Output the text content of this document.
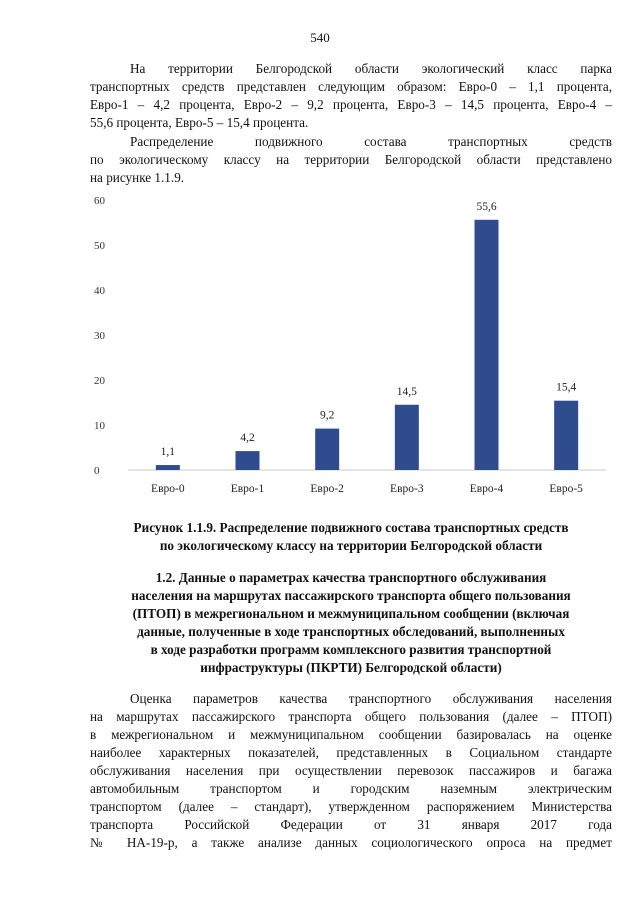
540
На территории Белгородской области экологический класс парка
транспортных средств представлен следующим образом: Евро-0 – 1,1 процента,
Евро-1 – 4,2 процента, Евро-2 – 9,2 процента, Евро-3 – 14,5 процента, Евро-4 –
55,6 процента, Евро-5 – 15,4 процента.
Распределение подвижного состава транспортных средств
по экологическому классу на территории Белгородской области представлено
на рисунке 1.1.9.
0
10
20
30
40
50
60
1,1
4,2
9,2
14,5
55,6
15,4
Евро-0	Евро-1	Евро-2	Евро-3	Евро-4	Евро-5
Рисунок 1.1.9. Распределение подвижного состава транспортных средств
по экологическому классу на территории Белгородской области
1.2. Данные о параметрах качества транспортного обслуживания
населения на маршрутах пассажирского транспорта общего пользования
(ПТОП) в межрегиональном и межмуниципальном сообщении (включая
данные, полученные в ходе транспортных обследований, выполненных
в ходе разработки программ комплексного развития транспортной
инфраструктуры (ПКРТИ) Белгородской области)
Оценка параметров качества транспортного обслуживания населения
на маршрутах пассажирского транспорта общего пользования (далее – ПТОП)
в межрегиональном и межмуниципальном сообщении базировалась на оценке
наиболее характерных показателей, представленных в Социальном стандарте
обслуживания населения при осуществлении перевозок пассажиров и багажа
автомобильным транспортом и городским наземным электрическим
транспортом (далее – стандарт), утвержденном распоряжением Министерства
транспорта Российской Федерации от 31 января 2017 года
№ НА-19-р, а также анализе данных социологического опроса на предмет
